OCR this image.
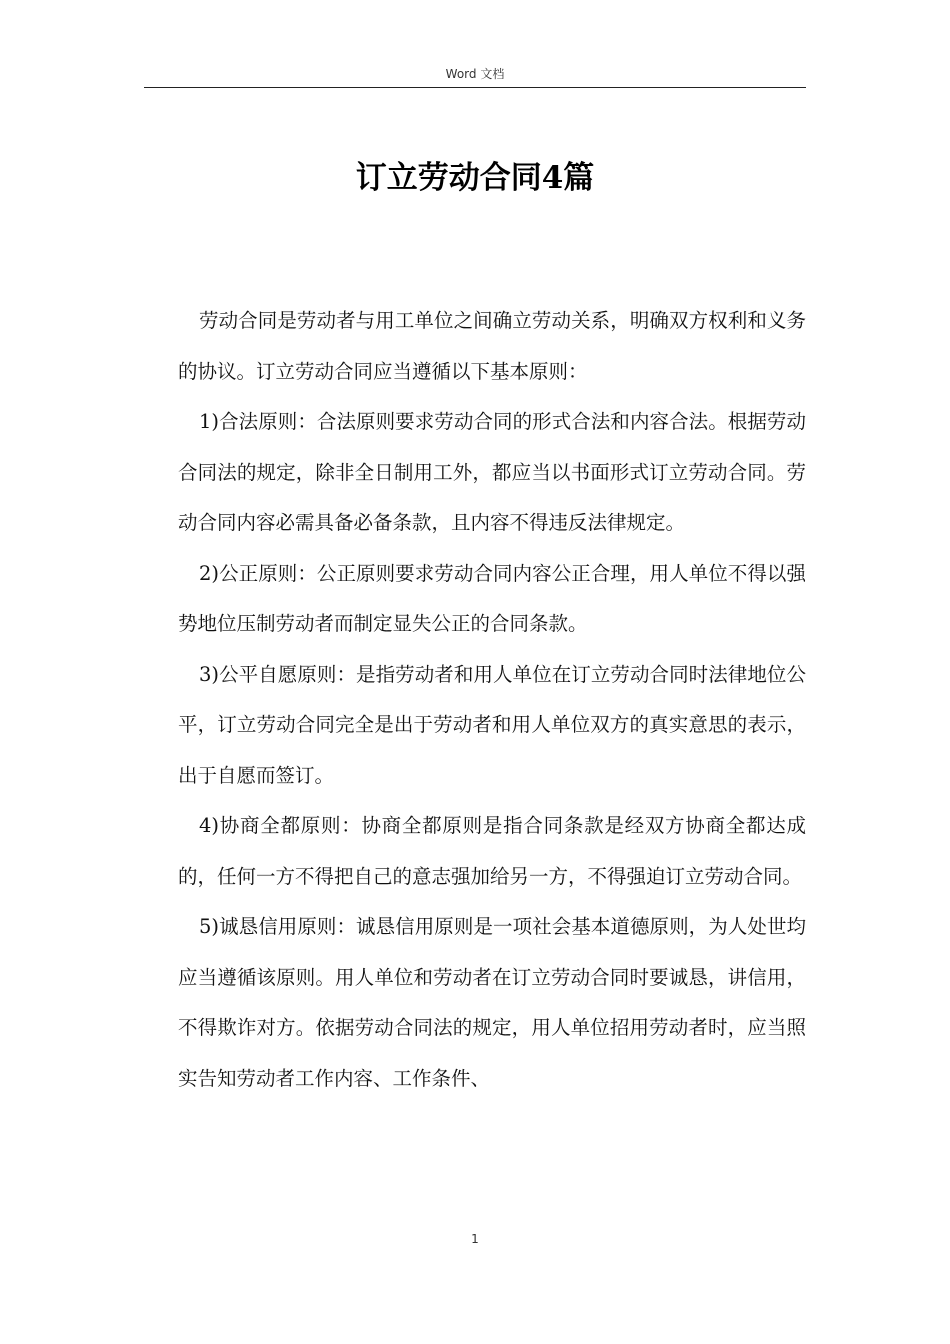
Word 文档
订立劳动合同4篇

劳动合同是劳动者与用工单位之间确立劳动关系，明确双方权利和义务的协议。订立劳动合同应当遵循以下基本原则：

1)合法原则：合法原则要求劳动合同的形式合法和内容合法。根据劳动合同法的规定，除非全日制用工外，都应当以书面形式订立劳动合同。劳动合同内容必需具备必备条款，且内容不得违反法律规定。

2)公正原则：公正原则要求劳动合同内容公正合理，用人单位不得以强势地位压制劳动者而制定显失公正的合同条款。

3)公平自愿原则：是指劳动者和用人单位在订立劳动合同时法律地位公平，订立劳动合同完全是出于劳动者和用人单位双方的真实意思的表示，出于自愿而签订。

4)协商全都原则：协商全都原则是指合同条款是经双方协商全都达成的，任何一方不得把自己的意志强加给另一方，不得强迫订立劳动合同。

5)诚恳信用原则：诚恳信用原则是一项社会基本道德原则，为人处世均应当遵循该原则。用人单位和劳动者在订立劳动合同时要诚恳，讲信用，不得欺诈对方。依据劳动合同法的规定，用人单位招用劳动者时，应当照实告知劳动者工作内容、工作条件、

1
